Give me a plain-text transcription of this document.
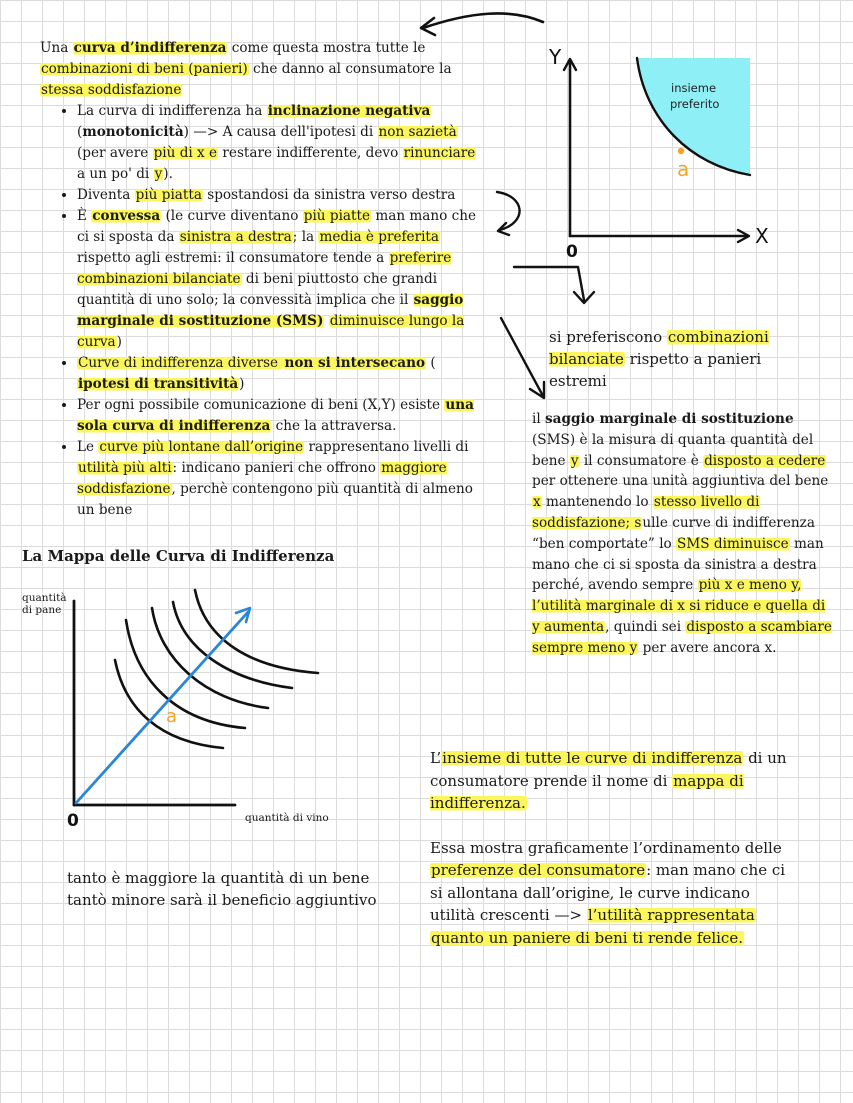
Una curva d’indifferenza come questa mostra tutte le combinazioni di beni (panieri) che danno al consumatore la stessa soddisfazione

• La curva di indifferenza ha inclinazione negativa (monotonicità) —> A causa dell'ipotesi di non sazietà (per avere più di x e restare indifferente, devo rinunciare a un po' di y).
• Diventa più piatta spostandosi da sinistra verso destra
• È convessa (le curve diventano più piatte man mano che ci si sposta da sinistra a destra; la media è preferita rispetto agli estremi: il consumatore tende a preferire combinazioni bilanciate di beni piuttosto che grandi quantità di uno solo; la convessità implica che il saggio marginale di sostituzione (SMS) diminuisce lungo la curva)
• Curve di indifferenza diverse non si intersecano ( ipotesi di transitività)
• Per ogni possibile comunicazione di beni (X,Y) esiste una sola curva di indifferenza che la attraversa.
• Le curve più lontane dall’origine rappresentano livelli di utilità più alti: indicano panieri che offrono maggiore soddisfazione, perchè contengono più quantità di almeno un bene
Y
X
0
insieme
preferito
a
si preferiscono combinazioni bilanciate rispetto a panieri estremi
il saggio marginale di sostituzione (SMS) è la misura di quanta quantità del bene y il consumatore è disposto a cedere per ottenere una unità aggiuntiva del bene x mantenendo lo stesso livello di soddisfazione; sulle curve di indifferenza “ben comportate” lo SMS diminuisce man mano che ci si sposta da sinistra a destra perché, avendo sempre più x e meno y, l’utilità marginale di x si riduce e quella di y aumenta, quindi sei disposto a scambiare sempre meno y per avere ancora x.
La Mappa delle Curva di Indifferenza
quantità
di pane
quantità di vino
0
a

L’insieme di tutte le curve di indifferenza di un consumatore prende il nome di mappa di indifferenza.

Essa mostra graficamente l’ordinamento delle preferenze del consumatore: man mano che ci si allontana dall’origine, le curve indicano utilità crescenti —> l’utilità rappresentata quanto un paniere di beni ti rende felice.

tanto è maggiore la quantità di un bene
tantò minore sarà il beneficio aggiuntivo
